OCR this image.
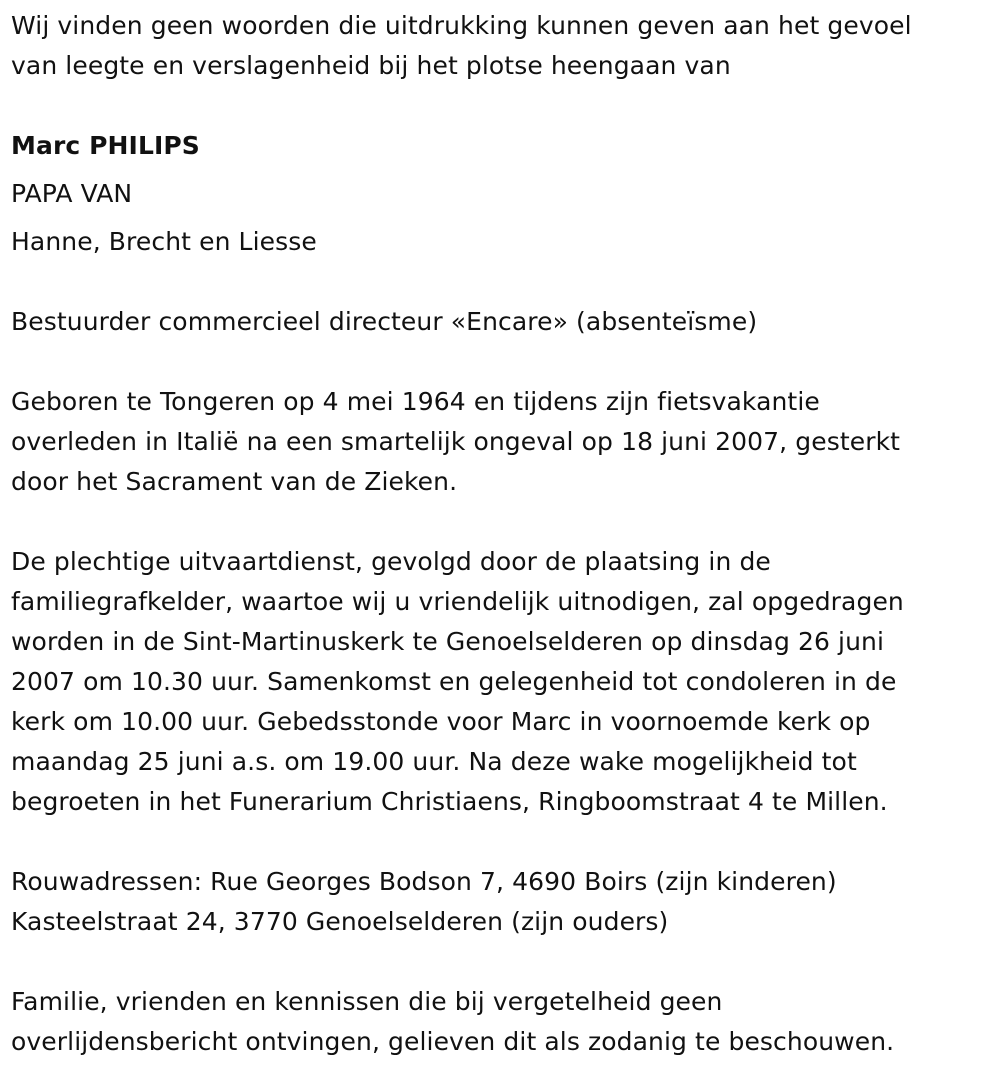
Wij vinden geen woorden die uitdrukking kunnen geven aan het gevoel
van leegte en verslagenheid bij het plotse heengaan van

Marc PHILIPS

PAPA VAN

Hanne, Brecht en Liesse

Bestuurder commercieel directeur «Encare» (absenteïsme)

Geboren te Tongeren op 4 mei 1964 en tijdens zijn fietsvakantie
overleden in Italië na een smartelijk ongeval op 18 juni 2007, gesterkt
door het Sacrament van de Zieken.

De plechtige uitvaartdienst, gevolgd door de plaatsing in de
familiegrafkelder, waartoe wij u vriendelijk uitnodigen, zal opgedragen
worden in de Sint-Martinuskerk te Genoelselderen op dinsdag 26 juni
2007 om 10.30 uur. Samenkomst en gelegenheid tot condoleren in de
kerk om 10.00 uur. Gebedsstonde voor Marc in voornoemde kerk op
maandag 25 juni a.s. om 19.00 uur. Na deze wake mogelijkheid tot
begroeten in het Funerarium Christiaens, Ringboomstraat 4 te Millen.

Rouwadressen: Rue Georges Bodson 7, 4690 Boirs (zijn kinderen)
Kasteelstraat 24, 3770 Genoelselderen (zijn ouders)

Familie, vrienden en kennissen die bij vergetelheid geen
overlijdensbericht ontvingen, gelieven dit als zodanig te beschouwen.
